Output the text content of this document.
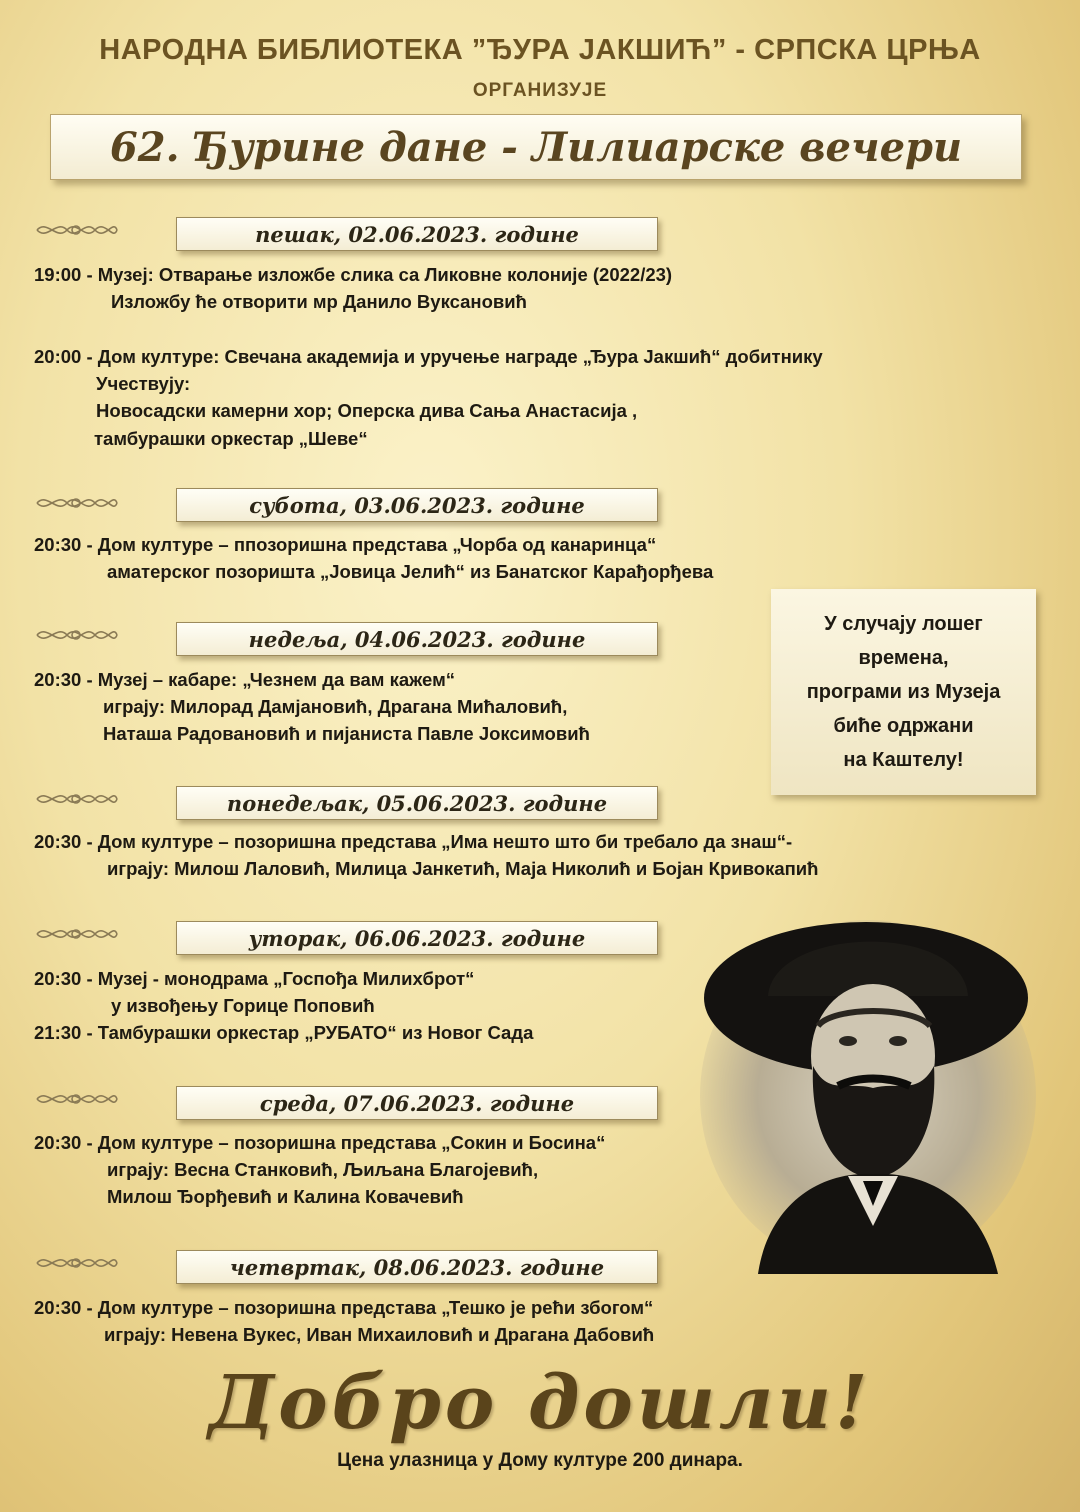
НАРОДНА БИБЛИОТЕКА ”ЂУРА ЈАКШИЋ” - СРПСКА ЦРЊА
ОРГАНИЗУЈЕ
62. Ђурине дане - Лилиарске вечери
пешак, 02.06.2023. године
19:00 - Музеј: Отварање изложбе слика са Ликовне колоније (2022/23)
Изложбу ће отворити мр Данило Вуксановић
20:00 - Дом културе: Свечана академија и уручење награде „Ђура Јакшић“ добитнику
Учествују:
Новосадски камерни хор; Оперска дива Сања Анастасија ,
тамбурашки оркестар „Шеве“
субота, 03.06.2023. године
20:30 - Дом културе – ппозоришна представа „Чорба од канаринца“
аматерског позоришта „Јовица Јелић“ из Банатског Карађорђева
недеља, 04.06.2023. године
20:30 - Музеј – кабаре: „Чезнем да вам кажем“
играју: Милорад Дамјановић, Драгана Мићаловић,
Наташа Радовановић и пијаниста Павле Јоксимовић
понедељак, 05.06.2023. године
20:30 - Дом културе – позоришна представа „Има нешто што би требало да знаш“-
играју: Милош Лаловић, Милица Јанкетић, Маја Николић и Бојан Кривокапић
уторак, 06.06.2023. године
20:30 - Музеј - монодрама „Госпођа Милихброт“
у извођењу Горице Поповић
21:30 - Тамбурашки оркестар „РУБАТО“ из Новог Сада
среда, 07.06.2023. године
20:30 - Дом културе – позоришна представа „Сокин и Босина“
играју: Весна Станковић, Љиљана Благојевић,
Милош Ђорђевић и Калина Ковачевић
четвртак, 08.06.2023. године
20:30 - Дом културе – позоришна представа „Тешко је рећи збогом“
играју: Невена Вукес, Иван Михаиловић и Драгана Дабовић
У случају лошег
времена,
програми из Музеја
биће одржани
на Каштелу!
Добро дошли!
Цена улазница у Дому културе 200 динара.
